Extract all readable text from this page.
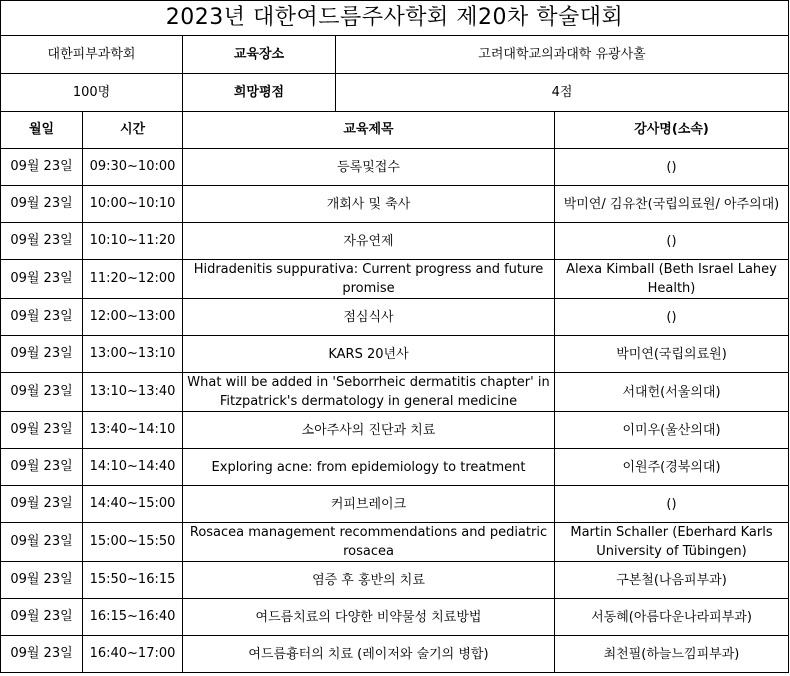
2023년 대한여드름주사학회 제20차 학술대회				
대한피부과학회		교육장소	고려대학교의과대학 유광사홀	
100명		희망평점	4점	
월일	시간	교육제목		강사명(소속)
09월 23일	09:30~10:00	등록및접수		()
09월 23일	10:00~10:10	개회사 및 축사		박미연/ 김유찬(국립의료원/ 아주의대)
09월 23일	10:10~11:20	자유연제		()
09월 23일	11:20~12:00	Hidradenitis suppurativa: Current progress and future promise		Alexa Kimball (Beth Israel Lahey Health)
09월 23일	12:00~13:00	점심식사		()
09월 23일	13:00~13:10	KARS 20년사		박미연(국립의료원)
09월 23일	13:10~13:40	What will be added in 'Seborrheic dermatitis chapter' in Fitzpatrick's dermatology in general medicine		서대헌(서울의대)
09월 23일	13:40~14:10	소아주사의 진단과 치료		이미우(울산의대)
09월 23일	14:10~14:40	Exploring acne: from epidemiology to treatment		이원주(경북의대)
09월 23일	14:40~15:00	커피브레이크		()
09월 23일	15:00~15:50	Rosacea management recommendations and pediatric rosacea		Martin Schaller (Eberhard Karls University of Tübingen)
09월 23일	15:50~16:15	염증 후 홍반의 치료		구본철(나음피부과)
09월 23일	16:15~16:40	여드름치료의 다양한 비약물성 치료방법		서동혜(아름다운나라피부과)
09월 23일	16:40~17:00	여드름흉터의 치료 (레이저와 술기의 병합)		최천필(하늘느낌피부과)
